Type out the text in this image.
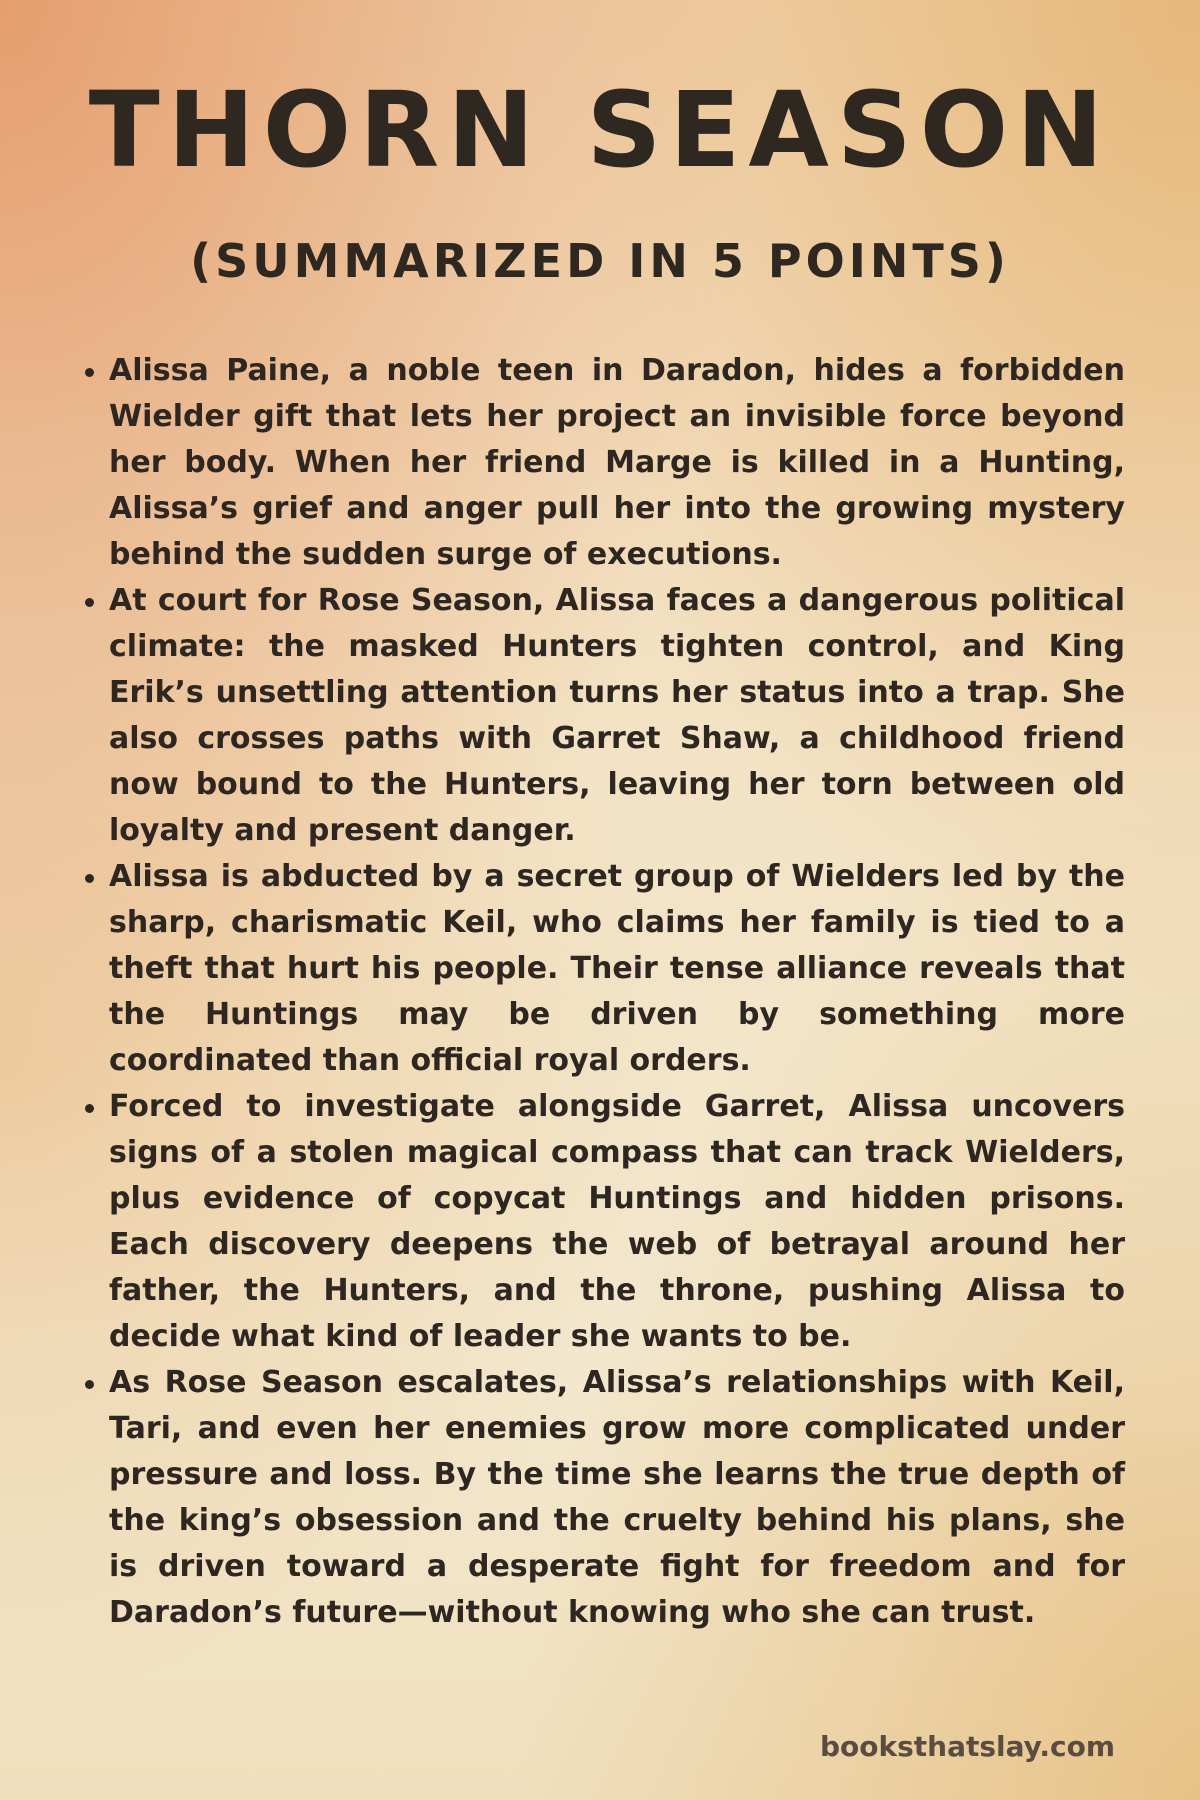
THORN SEASON
(SUMMARIZED IN 5 POINTS)
Alissa Paine, a noble teen in Daradon, hides a forbidden Wielder gift that lets her project an invisible force beyond her body. When her friend Marge is killed in a Hunting, Alissa’s grief and anger pull her into the growing mystery behind the sudden surge of executions.
At court for Rose Season, Alissa faces a dangerous political climate: the masked Hunters tighten control, and King Erik’s unsettling attention turns her status into a trap. She also crosses paths with Garret Shaw, a childhood friend now bound to the Hunters, leaving her torn between old loyalty and present danger.
Alissa is abducted by a secret group of Wielders led by the sharp, charismatic Keil, who claims her family is tied to a theft that hurt his people. Their tense alliance reveals that the Huntings may be driven by something more coordinated than official royal orders.
Forced to investigate alongside Garret, Alissa uncovers signs of a stolen magical compass that can track Wielders, plus evidence of copycat Huntings and hidden prisons. Each discovery deepens the web of betrayal around her father, the Hunters, and the throne, pushing Alissa to decide what kind of leader she wants to be.
As Rose Season escalates, Alissa’s relationships with Keil, Tari, and even her enemies grow more complicated under pressure and loss. By the time she learns the true depth of the king’s obsession and the cruelty behind his plans, she is driven toward a desperate fight for freedom and for Daradon’s future—without knowing who she can trust.
booksthatslay.com
